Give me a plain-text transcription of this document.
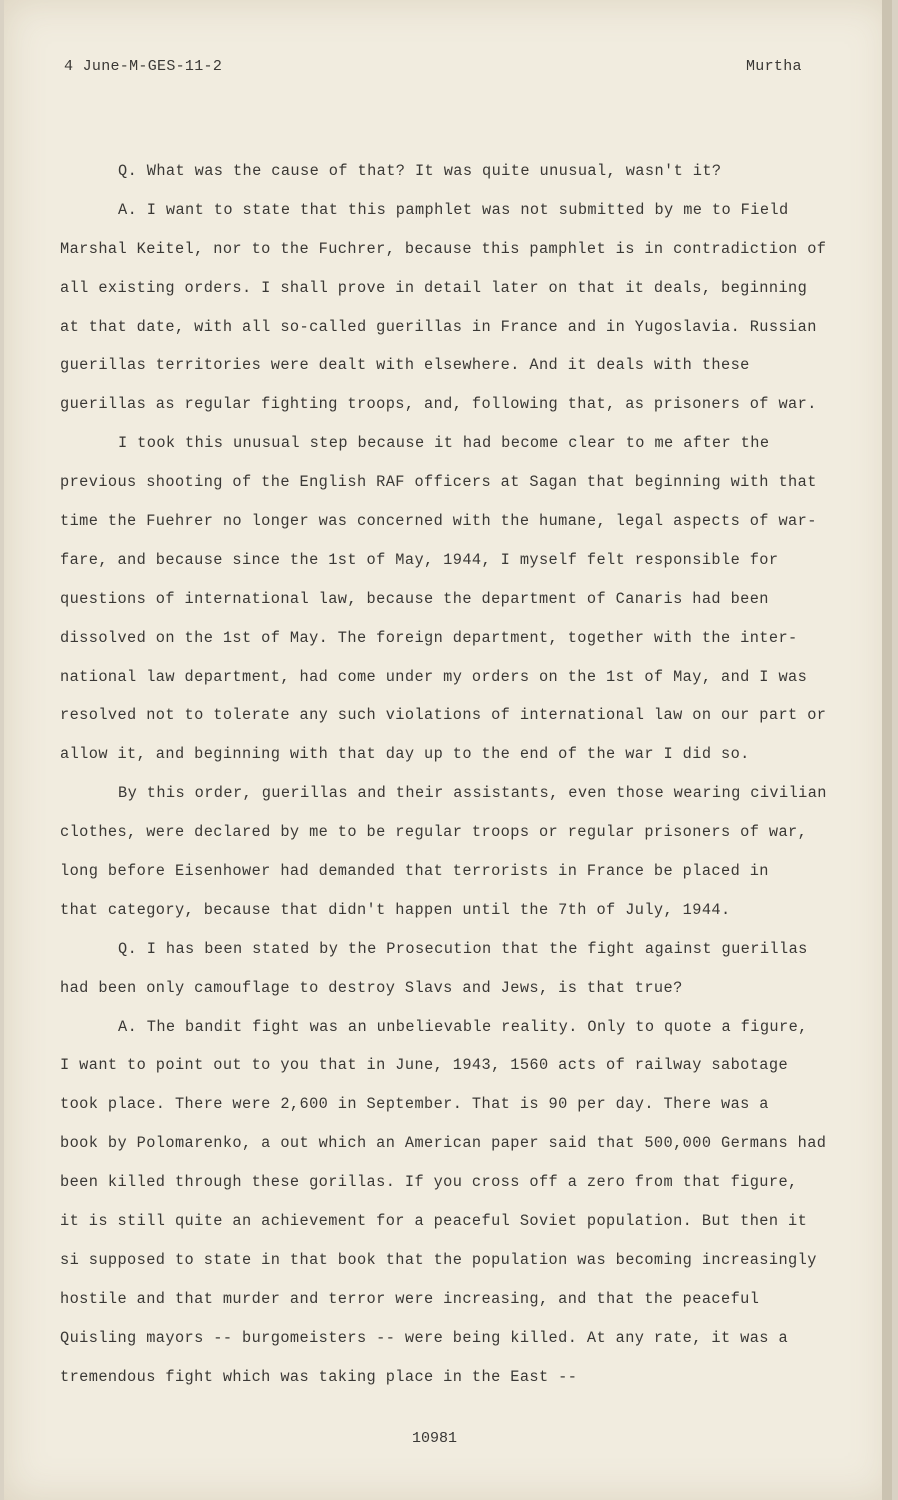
4 June-M-GES-11-2	Murtha
Q. What was the cause of that? It was quite unusual, wasn't it?
A. I want to state that this pamphlet was not submitted by me to Field
Marshal Keitel, nor to the Fuchrer, because this pamphlet is in contradiction of
all existing orders. I shall prove in detail later on that it deals, beginning
at that date, with all so-called guerillas in France and in Yugoslavia. Russian
guerillas territories were dealt with elsewhere. And it deals with these
guerillas as regular fighting troops, and, following that, as prisoners of war.
I took this unusual step because it had become clear to me after the
previous shooting of the English RAF officers at Sagan that beginning with that
time the Fuehrer no longer was concerned with the humane, legal aspects of war-
fare, and because since the 1st of May, 1944, I myself felt responsible for
questions of international law, because the department of Canaris had been
dissolved on the 1st of May. The foreign department, together with the inter-
national law department, had come under my orders on the 1st of May, and I was
resolved not to tolerate any such violations of international law on our part or
allow it, and beginning with that day up to the end of the war I did so.
By this order, guerillas and their assistants, even those wearing civilian
clothes, were declared by me to be regular troops or regular prisoners of war,
long before Eisenhower had demanded that terrorists in France be placed in
that category, because that didn't happen until the 7th of July, 1944.
Q. I has been stated by the Prosecution that the fight against guerillas
had been only camouflage to destroy Slavs and Jews, is that true?
A. The bandit fight was an unbelievable reality. Only to quote a figure,
I want to point out to you that in June, 1943, 1560 acts of railway sabotage
took place. There were 2,600 in September. That is 90 per day. There was a
book by Polomarenko, a out which an American paper said that 500,000 Germans had
been killed through these gorillas. If you cross off a zero from that figure,
it is still quite an achievement for a peaceful Soviet population. But then it
si supposed to state in that book that the population was becoming increasingly
hostile and that murder and terror were increasing, and that the peaceful
Quisling mayors -- burgomeisters -- were being killed. At any rate, it was a
tremendous fight which was taking place in the East --
10981
